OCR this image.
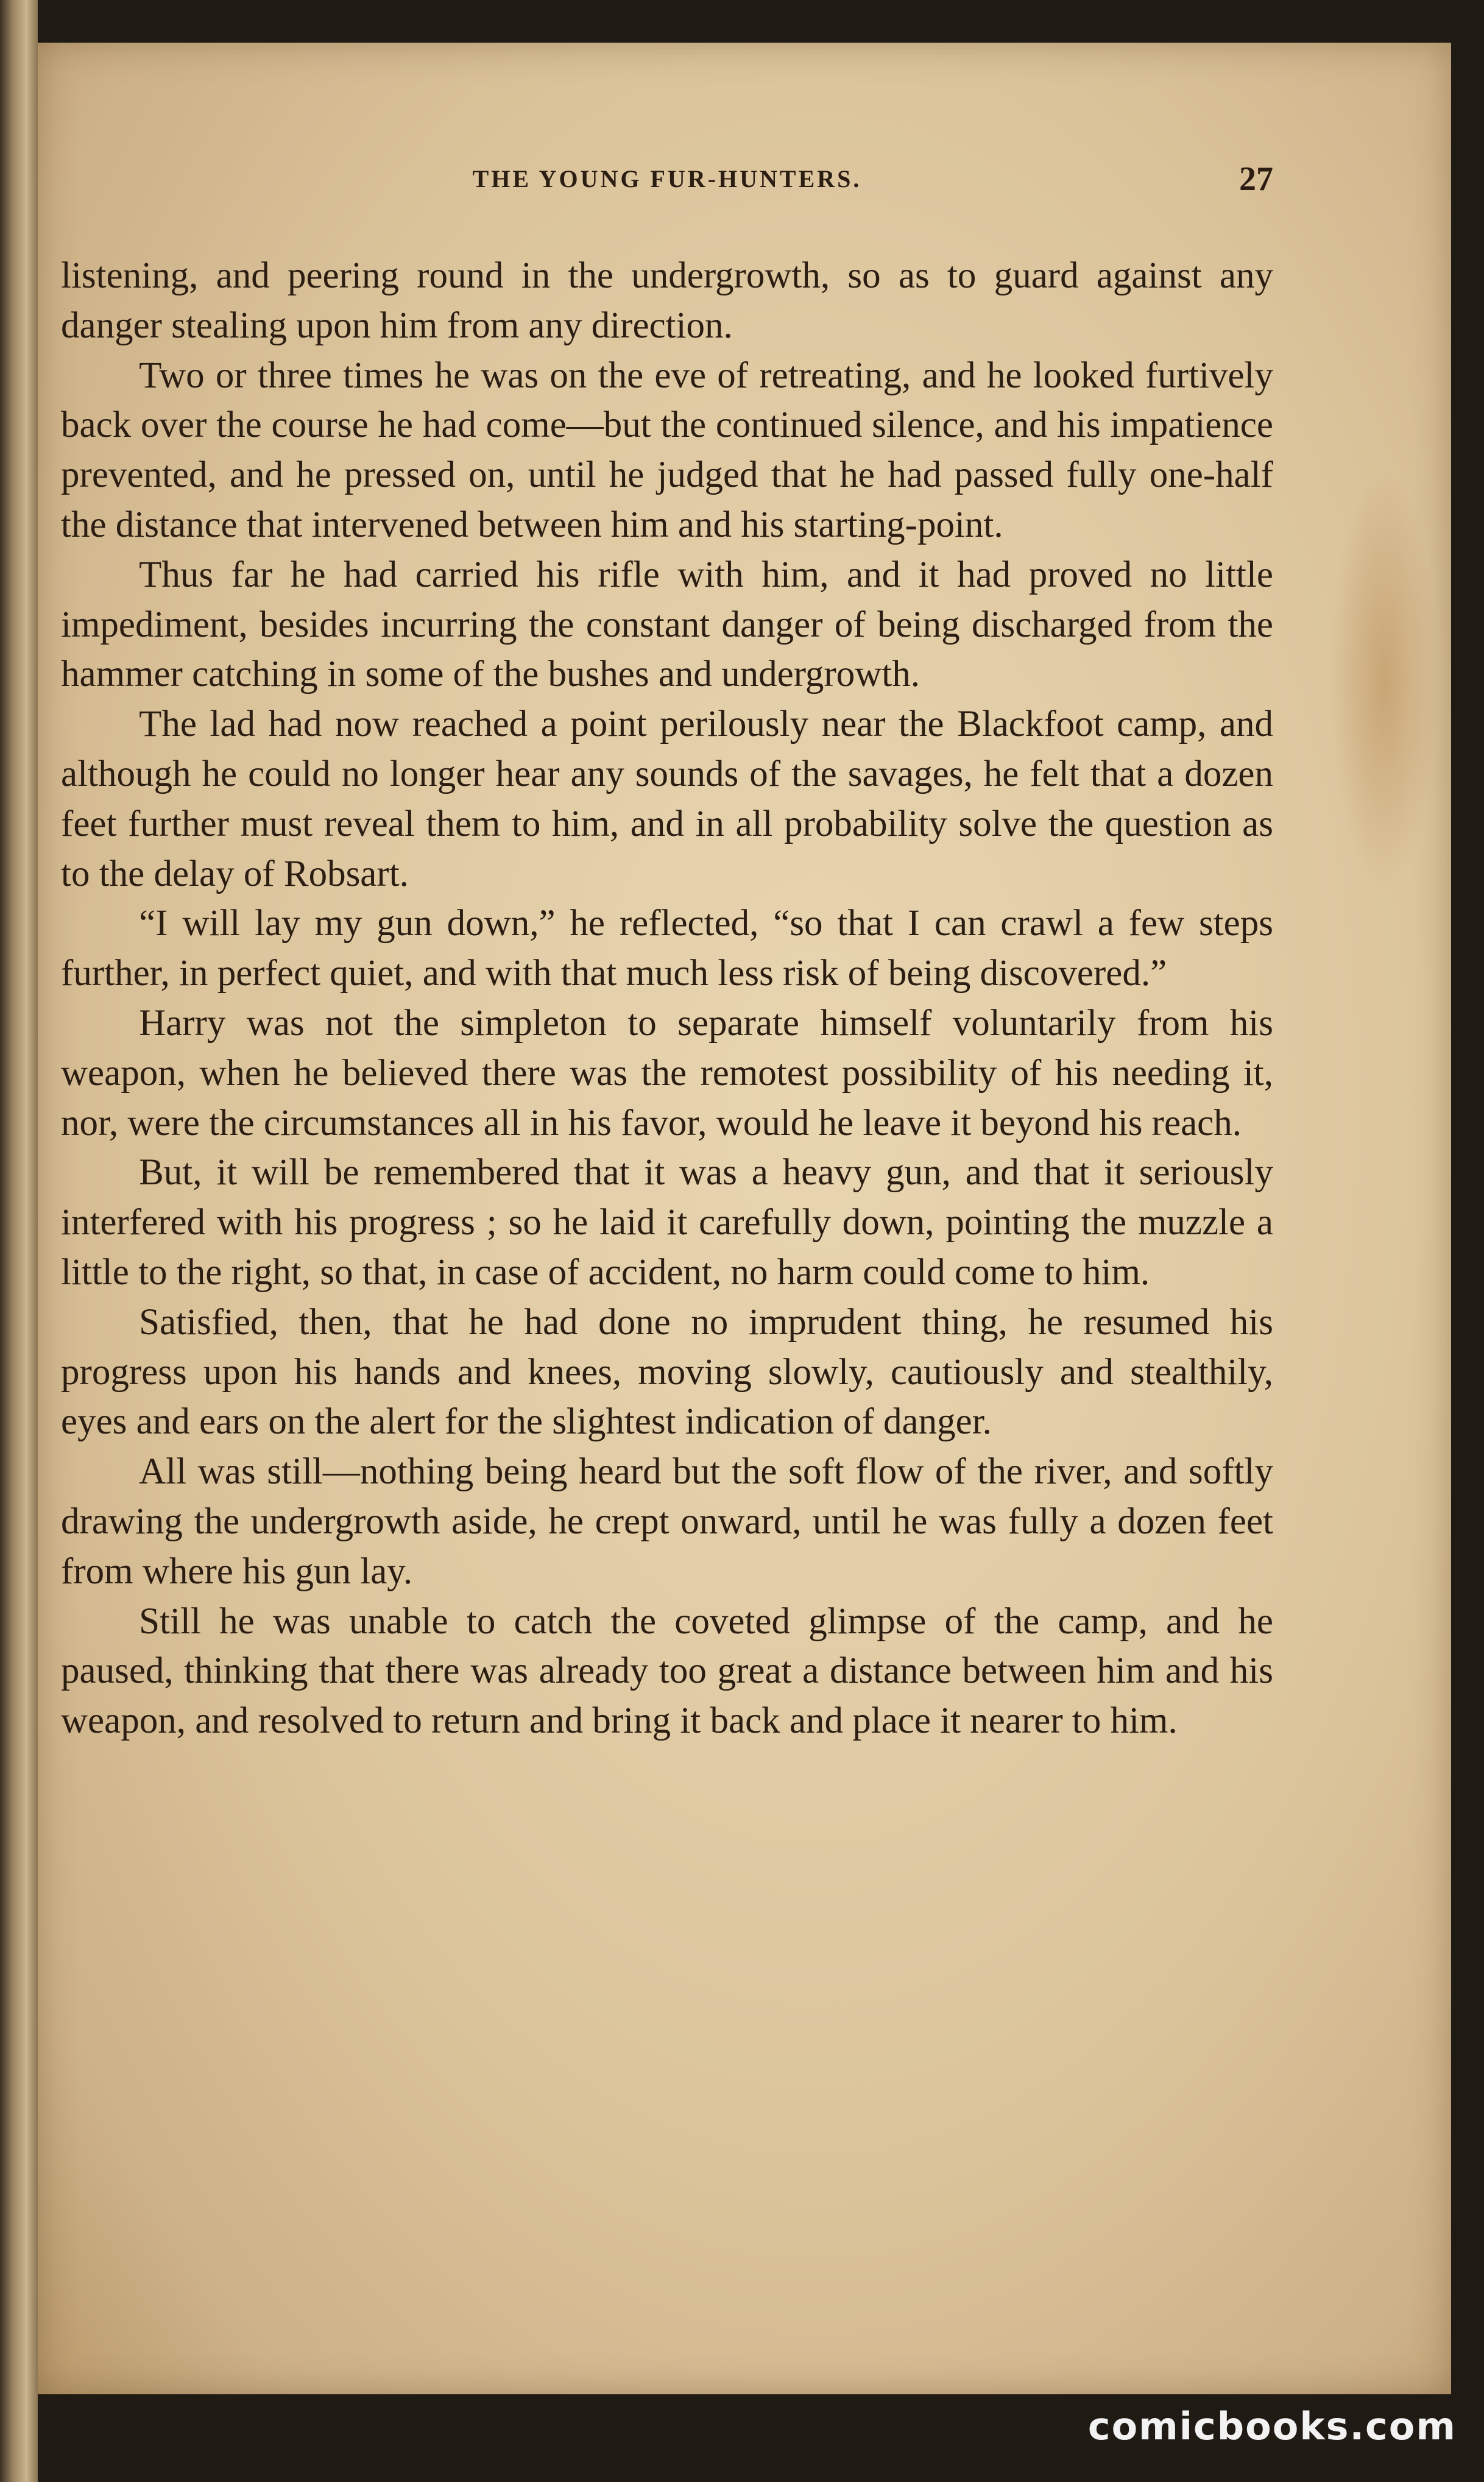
THE YOUNG FUR-HUNTERS.	27

listening, and peering round in the undergrowth, so as to guard against any danger stealing upon him from any direction.

Two or three times he was on the eve of retreating, and he looked furtively back over the course he had come—but the continued silence, and his impatience prevented, and he pressed on, until he judged that he had passed fully one-half the distance that intervened between him and his starting-point.

Thus far he had carried his rifle with him, and it had proved no little impediment, besides incurring the constant danger of being discharged from the hammer catching in some of the bushes and undergrowth.

The lad had now reached a point perilously near the Blackfoot camp, and although he could no longer hear any sounds of the savages, he felt that a dozen feet further must reveal them to him, and in all probability solve the question as to the delay of Robsart.

“I will lay my gun down,” he reflected, “so that I can crawl a few steps further, in perfect quiet, and with that much less risk of being discovered.”

Harry was not the simpleton to separate himself voluntarily from his weapon, when he believed there was the remotest possibility of his needing it, nor, were the circumstances all in his favor, would he leave it beyond his reach.

But, it will be remembered that it was a heavy gun, and that it seriously interfered with his progress ; so he laid it carefully down, pointing the muzzle a little to the right, so that, in case of accident, no harm could come to him.

Satisfied, then, that he had done no imprudent thing, he resumed his progress upon his hands and knees, moving slowly, cautiously and stealthily, eyes and ears on the alert for the slightest indication of danger.

All was still—nothing being heard but the soft flow of the river, and softly drawing the undergrowth aside, he crept onward, until he was fully a dozen feet from where his gun lay.

Still he was unable to catch the coveted glimpse of the camp, and he paused, thinking that there was already too great a distance between him and his weapon, and resolved to return and bring it back and place it nearer to him.

comicbooks.com
